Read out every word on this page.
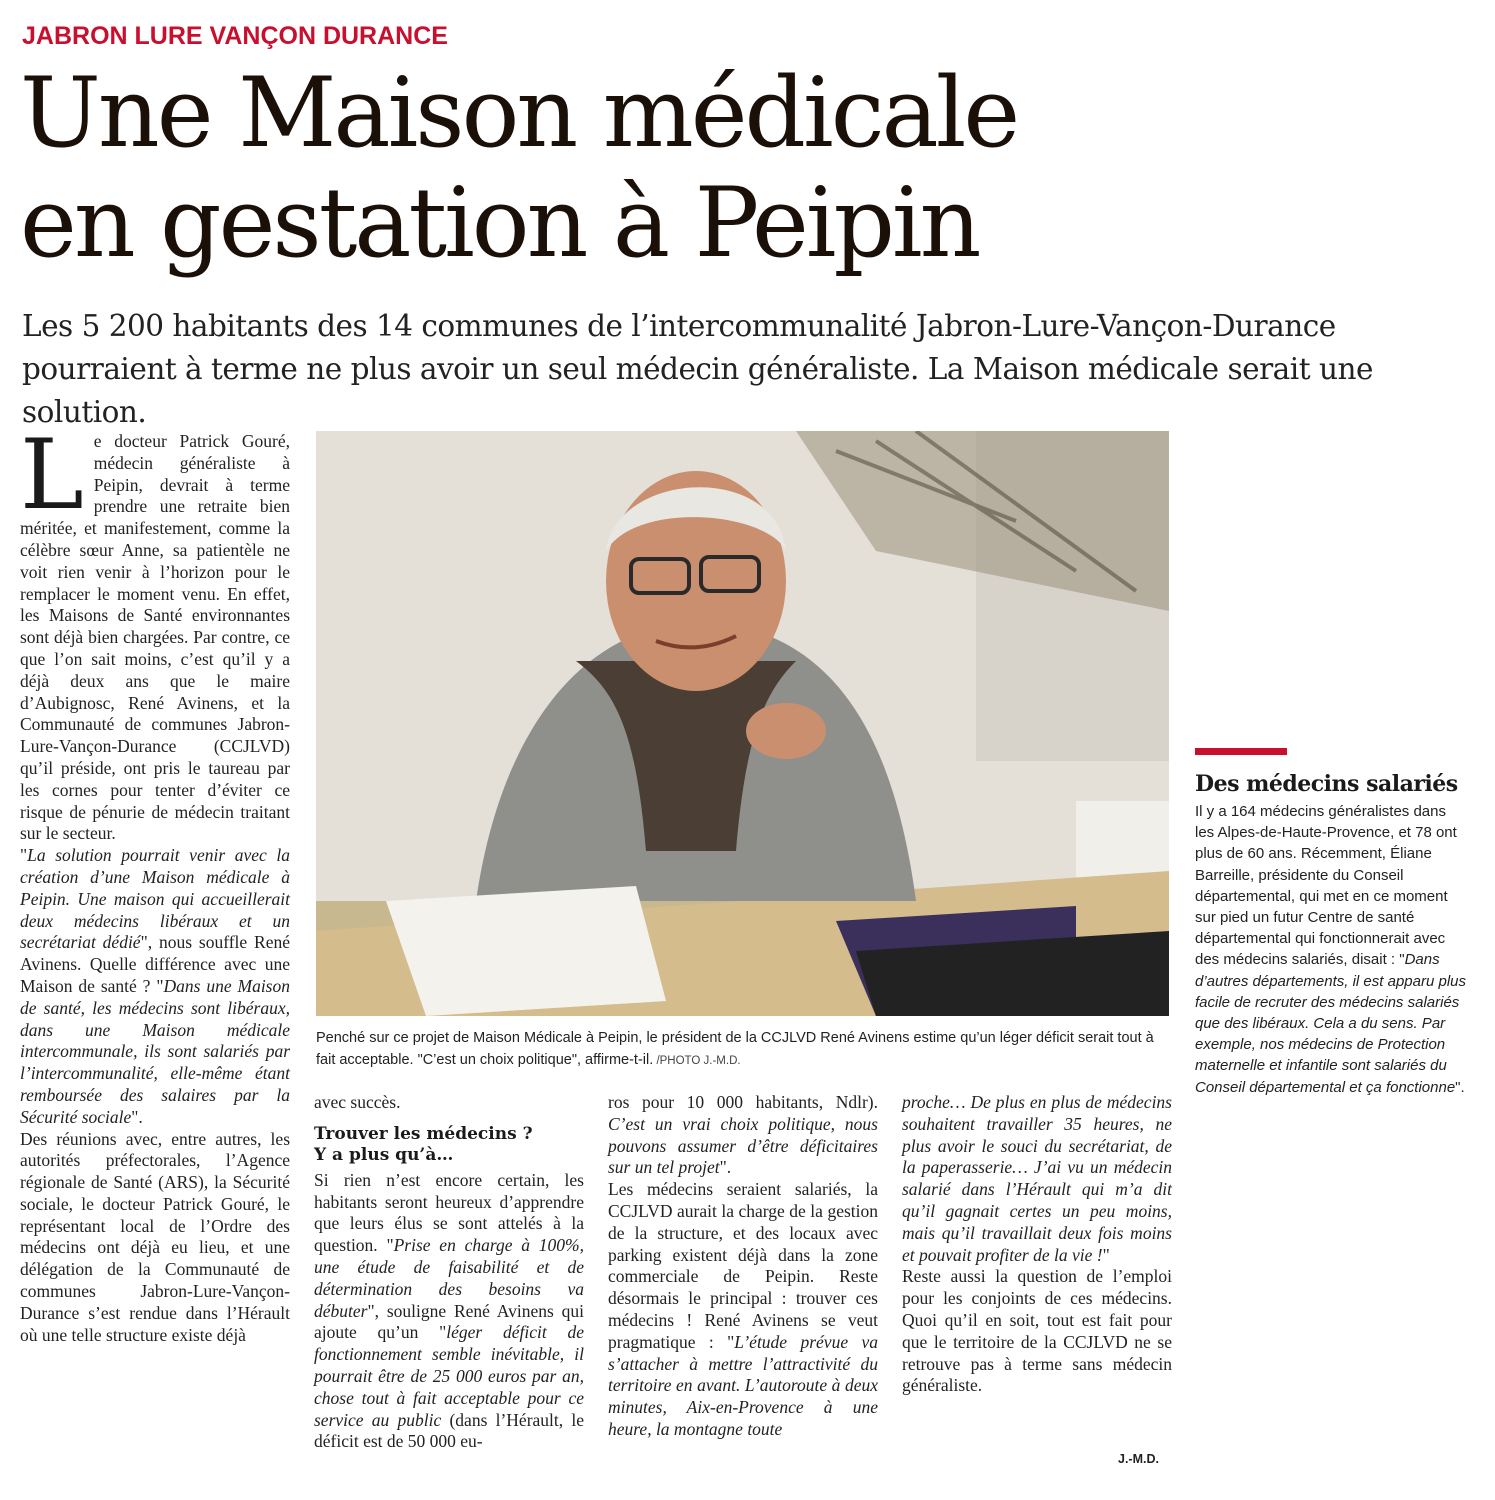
JABRON LURE VANÇON DURANCE
Une Maison médicale
en gestation à Peipin
Les 5 200 habitants des 14 communes de l’intercommunalité Jabron-Lure-Vançon-Durance
pourraient à terme ne plus avoir un seul médecin généraliste. La Maison médicale serait une solution.

Le docteur Patrick Gouré, médecin généraliste à Peipin, devrait à terme prendre une retraite bien méritée, et manifestement, comme la célèbre sœur Anne, sa patientèle ne voit rien venir à l’horizon pour le remplacer le moment venu. En effet, les Maisons de Santé environnantes sont déjà bien chargées. Par contre, ce que l’on sait moins, c’est qu’il y a déjà deux ans que le maire d’Aubignosc, René Avinens, et la Communauté de communes Jabron-Lure-Vançon-Durance (CCJLVD) qu’il préside, ont pris le taureau par les cornes pour tenter d’éviter ce risque de pénurie de médecin traitant sur le secteur.

"La solution pourrait venir avec la création d’une Maison médicale à Peipin. Une maison qui accueillerait deux médecins libéraux et un secrétariat dédié", nous souffle René Avinens. Quelle différence avec une Maison de santé ? "Dans une Maison de santé, les médecins sont libéraux, dans une Maison médicale intercommunale, ils sont salariés par l’intercommunalité, elle-même étant remboursée des salaires par la Sécurité sociale".

Des réunions avec, entre autres, les autorités préfectorales, l’Agence régionale de Santé (ARS), la Sécurité sociale, le docteur Patrick Gouré, le représentant local de l’Ordre des médecins ont déjà eu lieu, et une délégation de la Communauté de communes Jabron-Lure-Vançon-Durance s’est rendue dans l’Hérault où une telle structure existe déjà

Penché sur ce projet de Maison Médicale à Peipin, le président de la CCJLVD René Avinens estime qu’un léger déficit serait tout à fait acceptable. "C’est un choix politique", affirme-t-il. /PHOTO J.-M.D.

avec succès.

Trouver les médecins ?
Y a plus qu’à…

Si rien n’est encore certain, les habitants seront heureux d’apprendre que leurs élus se sont attelés à la question. "Prise en charge à 100%, une étude de faisabilité et de détermination des besoins va débuter", souligne René Avinens qui ajoute qu’un "léger déficit de fonctionnement semble inévitable, il pourrait être de 25 000 euros par an, chose tout à fait acceptable pour ce service au public (dans l’Hérault, le déficit est de 50 000 eu-

ros pour 10 000 habitants, Ndlr). C’est un vrai choix politique, nous pouvons assumer d’être déficitaires sur un tel projet".

Les médecins seraient salariés, la CCJLVD aurait la charge de la gestion de la structure, et des locaux avec parking existent déjà dans la zone commerciale de Peipin. Reste désormais le principal : trouver ces médecins ! René Avinens se veut pragmatique : "L’étude prévue va s’attacher à mettre l’attractivité du territoire en avant. L’autoroute à deux minutes, Aix-en-Provence à une heure, la montagne toute

proche… De plus en plus de médecins souhaitent travailler 35 heures, ne plus avoir le souci du secrétariat, de la paperasserie… J’ai vu un médecin salarié dans l’Hérault qui m’a dit qu’il gagnait certes un peu moins, mais qu’il travaillait deux fois moins et pouvait profiter de la vie !"

Reste aussi la question de l’emploi pour les conjoints de ces médecins. Quoi qu’il en soit, tout est fait pour que le territoire de la CCJLVD ne se retrouve pas à terme sans médecin généraliste.

J.-M.D.
Des médecins salariés
Il y a 164 médecins généralistes dans les Alpes-de-Haute-Provence, et 78 ont plus de 60 ans. Récemment, Éliane Barreille, présidente du Conseil départemental, qui met en ce moment sur pied un futur Centre de santé départemental qui fonctionnerait avec des médecins salariés, disait : "Dans d’autres départements, il est apparu plus facile de recruter des médecins salariés que des libéraux. Cela a du sens. Par exemple, nos médecins de Protection maternelle et infantile sont salariés du Conseil départemental et ça fonctionne".
